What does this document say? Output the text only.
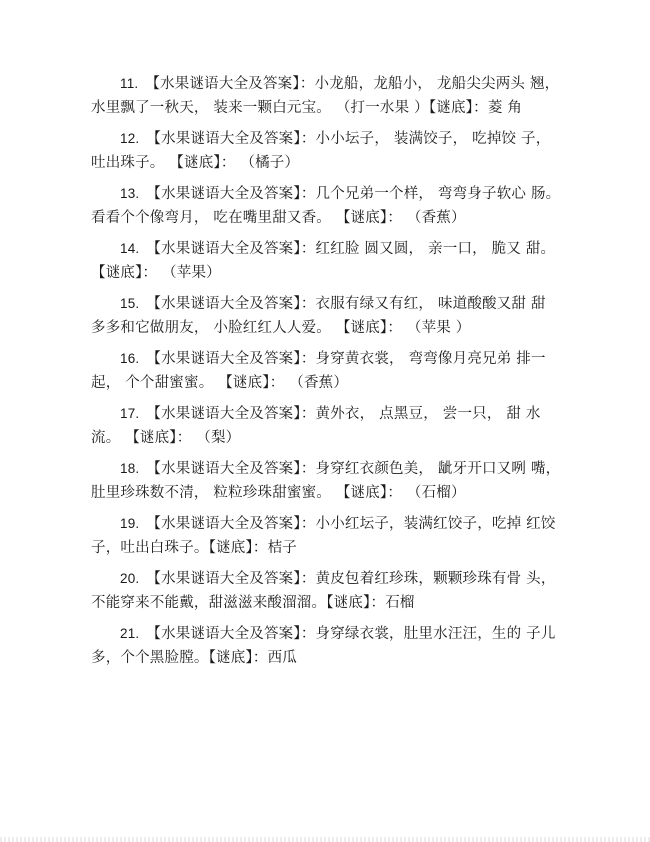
11. 【水果谜语大全及答案】：小龙船，龙船小， 龙船尖尖两头 翘， 水里飘了一秋天， 装来一颗白元宝。 （打一水果 ）【谜底】：菱 角

12. 【水果谜语大全及答案】：小小坛子， 装满饺子， 吃掉饺 子， 吐出珠子。 【谜底】： （橘子）

13. 【水果谜语大全及答案】：几个兄弟一个样， 弯弯身子软心 肠。 看看个个像弯月， 吃在嘴里甜又香。 【谜底】： （香蕉）

14. 【水果谜语大全及答案】：红红脸 圆又圆， 亲一口， 脆又 甜。 【谜底】： （苹果）

15. 【水果谜语大全及答案】：衣服有绿又有红， 味道酸酸又甜 甜 多多和它做朋友， 小脸红红人人爱。 【谜底】： （苹果 ）

16. 【水果谜语大全及答案】：身穿黄衣裳， 弯弯像月亮兄弟 排一起， 个个甜蜜蜜。 【谜底】： （香蕉）

17. 【水果谜语大全及答案】：黄外衣， 点黑豆， 尝一只， 甜 水流。 【谜底】： （梨）

18. 【水果谜语大全及答案】：身穿红衣颜色美， 龇牙开口又咧 嘴， 肚里珍珠数不清， 粒粒珍珠甜蜜蜜。 【谜底】： （石榴）

19. 【水果谜语大全及答案】：小小红坛子，装满红饺子，吃掉 红饺子，吐出白珠子。【谜底】：桔子

20. 【水果谜语大全及答案】：黄皮包着红珍珠，颗颗珍珠有骨 头，不能穿来不能戴，甜滋滋来酸溜溜。【谜底】：石榴

21. 【水果谜语大全及答案】：身穿绿衣裳，肚里水汪汪，生的 子儿多，个个黑脸膛。【谜底】：西瓜
